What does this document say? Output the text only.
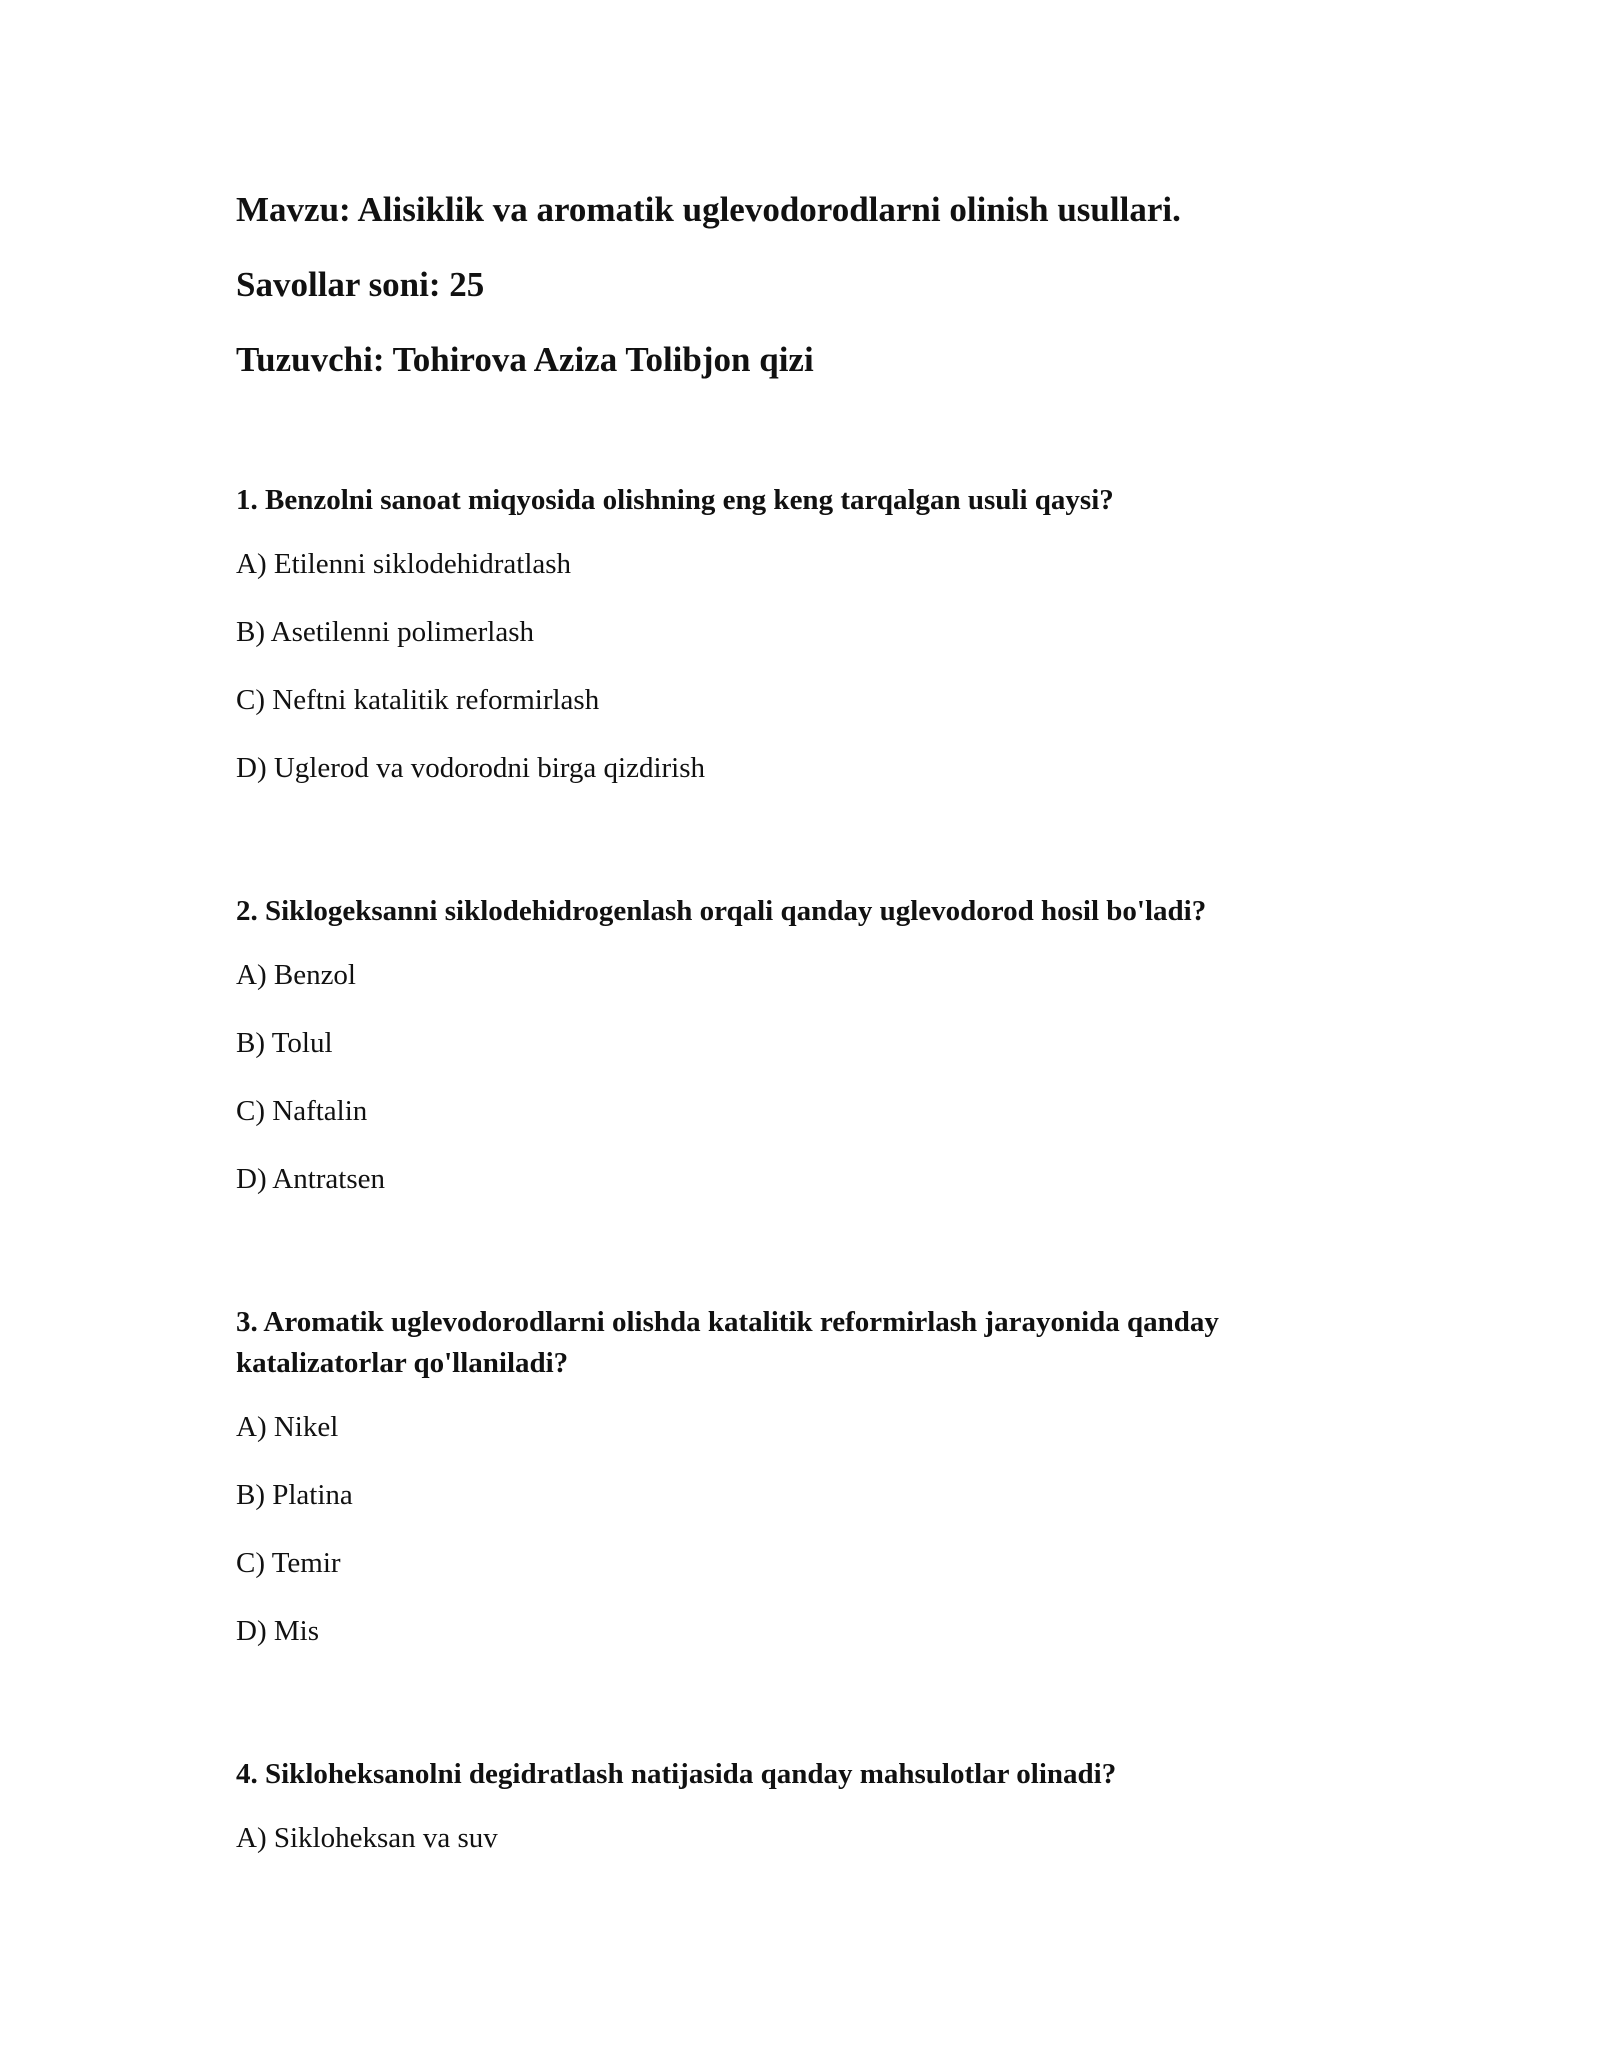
Mavzu: Alisiklik va aromatik uglevodorodlarni olinish usullari.
Savollar soni: 25
Tuzuvchi: Tohirova Aziza Tolibjon qizi
1. Benzolni sanoat miqyosida olishning eng keng tarqalgan usuli qaysi?
A) Etilenni siklodehidratlash
B) Asetilenni polimerlash
C) Neftni katalitik reformirlash
D) Uglerod va vodorodni birga qizdirish
2. Siklogeksanni siklodehidrogenlash orqali qanday uglevodorod hosil bo'ladi?
A) Benzol
B) Tolul
C) Naftalin
D) Antratsen
3. Aromatik uglevodorodlarni olishda katalitik reformirlash jarayonida qanday katalizatorlar qo'llaniladi?
A) Nikel
B) Platina
C) Temir
D) Mis
4. Sikloheksanolni degidratlash natijasida qanday mahsulotlar olinadi?
A) Sikloheksan va suv
